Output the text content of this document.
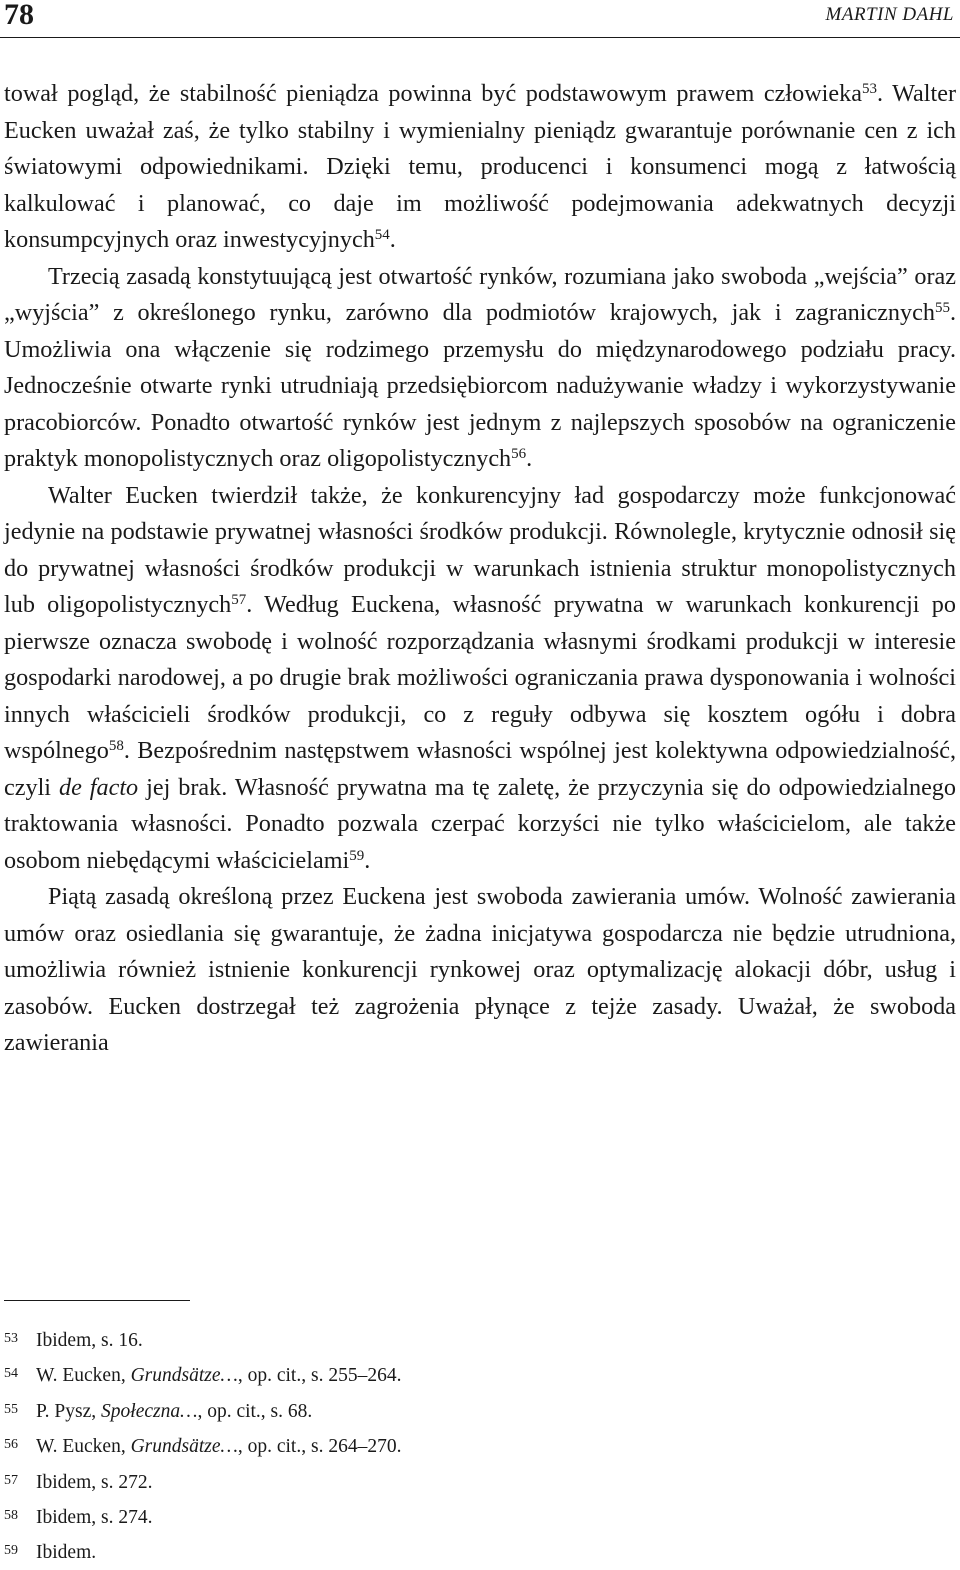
78	MARTIN DAHL

tował pogląd, że stabilność pieniądza powinna być podstawowym prawem człowieka$^{53}$. Walter Eucken uważał zaś, że tylko stabilny i wymienialny pieniądz gwarantuje porównanie cen z ich światowymi odpowiednikami. Dzięki temu, producenci i konsumenci mogą z łatwością kalkulować i planować, co daje im możliwość podejmowania adekwatnych decyzji konsumpcyjnych oraz inwestycyjnych$^{54}$.

Trzecią zasadą konstytuującą jest otwartość rynków, rozumiana jako swoboda „wejścia” oraz „wyjścia” z określonego rynku, zarówno dla podmiotów krajowych, jak i zagranicznych$^{55}$. Umożliwia ona włączenie się rodzimego przemysłu do międzynarodowego podziału pracy. Jednocześnie otwarte rynki utrudniają przedsiębiorcom nadużywanie władzy i wykorzystywanie pracobiorców. Ponadto otwartość rynków jest jednym z najlepszych sposobów na ograniczenie praktyk monopolistycznych oraz oligopolistycznych$^{56}$.

Walter Eucken twierdził także, że konkurencyjny ład gospodarczy może funkcjonować jedynie na podstawie prywatnej własności środków produkcji. Równolegle, krytycznie odnosił się do prywatnej własności środków produkcji w warunkach istnienia struktur monopolistycznych lub oligopolistycznych$^{57}$. Według Euckena, własność prywatna w warunkach konkurencji po pierwsze oznacza swobodę i wolność rozporządzania własnymi środkami produkcji w interesie gospodarki narodowej, a po drugie brak możliwości ograniczania prawa dysponowania i wolności innych właścicieli środków produkcji, co z reguły odbywa się kosztem ogółu i dobra wspólnego$^{58}$. Bezpośrednim następstwem własności wspólnej jest kolektywna odpowiedzialność, czyli de facto jej brak. Własność prywatna ma tę zaletę, że przyczynia się do odpowiedzialnego traktowania własności. Ponadto pozwala czerpać korzyści nie tylko właścicielom, ale także osobom niebędącymi właścicielami$^{59}$.

Piątą zasadą określoną przez Euckena jest swoboda zawierania umów. Wolność zawierania umów oraz osiedlania się gwarantuje, że żadna inicjatywa gospodarcza nie będzie utrudniona, umożliwia również istnienie konkurencji rynkowej oraz optymalizację alokacji dóbr, usług i zasobów. Eucken dostrzegał też zagrożenia płynące z tejże zasady. Uważał, że swoboda zawierania

53 Ibidem, s. 16.
54 W. Eucken, Grundsätze…, op. cit., s. 255–264.
55 P. Pysz, Społeczna…, op. cit., s. 68.
56 W. Eucken, Grundsätze…, op. cit., s. 264–270.
57 Ibidem, s. 272.
58 Ibidem, s. 274.
59 Ibidem.
